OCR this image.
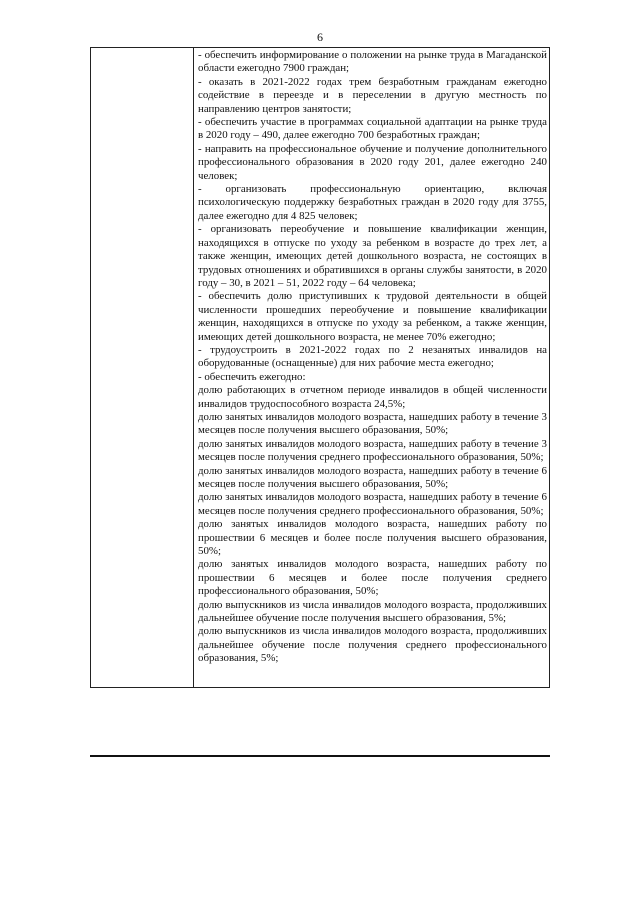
6

- обеспечить информирование о положении на рынке труда в Магаданской области ежегодно 7900 граждан;

- оказать в 2021-2022 годах трем безработным гражданам ежегодно содействие в переезде и в переселении в другую местность по направлению центров занятости;

- обеспечить участие в программах социальной адаптации на рынке труда в 2020 году – 490, далее ежегодно 700 безработных граждан;

- направить на профессиональное обучение и получение дополнительного профессионального образования в 2020 году 201, далее ежегодно 240 человек;

- организовать профессиональную ориентацию, включая психологическую поддержку безработных граждан в 2020 году для 3755, далее ежегодно для 4 825 человек;

- организовать переобучение и повышение квалификации женщин, находящихся в отпуске по уходу за ребенком в возрасте до трех лет, а также женщин, имеющих детей дошкольного возраста, не состоящих в трудовых отношениях и обратившихся в органы службы занятости, в 2020 году – 30, в 2021 – 51, 2022 году – 64 человека;

- обеспечить долю приступивших к трудовой деятельности в общей численности прошедших переобучение и повышение квалификации женщин, находящихся в отпуске по уходу за ребенком, а также женщин, имеющих детей дошкольного возраста, не менее 70% ежегодно;

- трудоустроить в 2021-2022 годах по 2 незанятых инвалидов на оборудованные (оснащенные) для них рабочие места ежегодно;

- обеспечить ежегодно:

долю работающих в отчетном периоде инвалидов в общей численности инвалидов трудоспособного возраста 24,5%;

долю занятых инвалидов молодого возраста, нашедших работу в течение 3 месяцев после получения высшего образования, 50%;

долю занятых инвалидов молодого возраста, нашедших работу в течение 3 месяцев после получения среднего профессионального образования, 50%;

долю занятых инвалидов молодого возраста, нашедших работу в течение 6 месяцев после получения высшего образования, 50%;

долю занятых инвалидов молодого возраста, нашедших работу в течение 6 месяцев после получения среднего профессионального образования, 50%;

долю занятых инвалидов молодого возраста, нашедших работу по прошествии 6 месяцев и более после получения высшего образования, 50%;

долю занятых инвалидов молодого возраста, нашедших работу по прошествии 6 месяцев и более после получения среднего профессионального образования, 50%;

долю выпускников из числа инвалидов молодого возраста, продолживших дальнейшее обучение после получения высшего образования, 5%;

долю выпускников из числа инвалидов молодого возраста, продолживших дальнейшее обучение после получения среднего профессионального образования, 5%;
